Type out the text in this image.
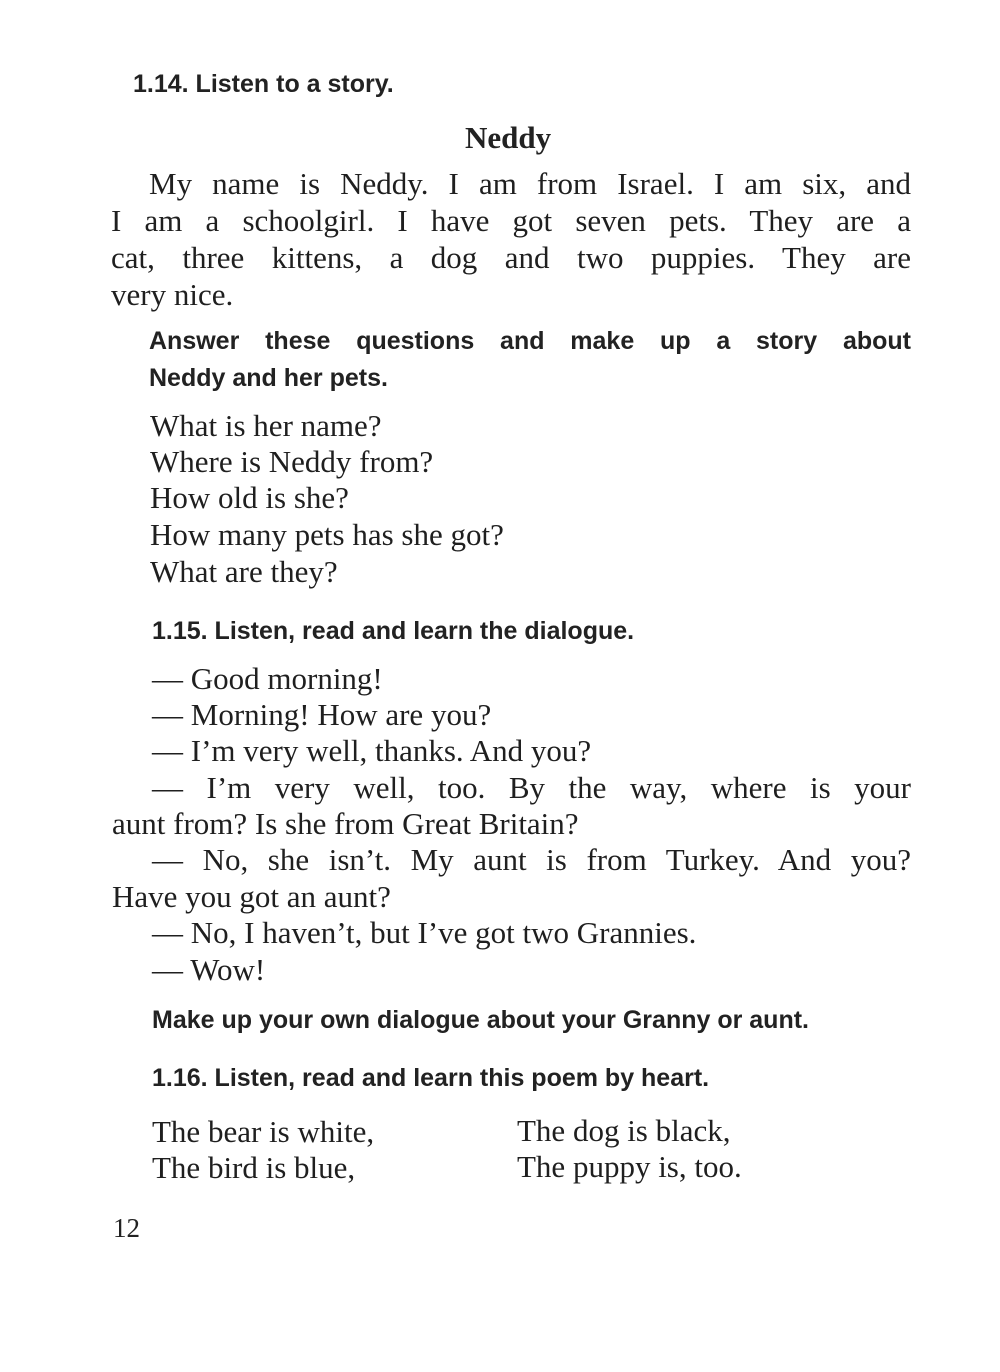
1.14. Listen to a story.
Neddy
My name is Neddy. I am from Israel. I am six, and
I am a schoolgirl. I have got seven pets. They are a
cat, three kittens, a dog and two puppies. They are
very nice.
Answer these questions and make up a story about
Neddy and her pets.
What is her name?
Where is Neddy from?
How old is she?
How many pets has she got?
What are they?
1.15. Listen, read and learn the dialogue.
— Good morning!
— Morning! How are you?
— I’m very well, thanks. And you?
— I’m very well, too. By the way, where is your
aunt from? Is she from Great Britain?
— No, she isn’t. My aunt is from Turkey. And you?
Have you got an aunt?
— No, I haven’t, but I’ve got two Grannies.
— Wow!
Make up your own dialogue about your Granny or aunt.
1.16. Listen, read and learn this poem by heart.
The bear is white,
The bird is blue,
The dog is black,
The puppy is, too.
12
